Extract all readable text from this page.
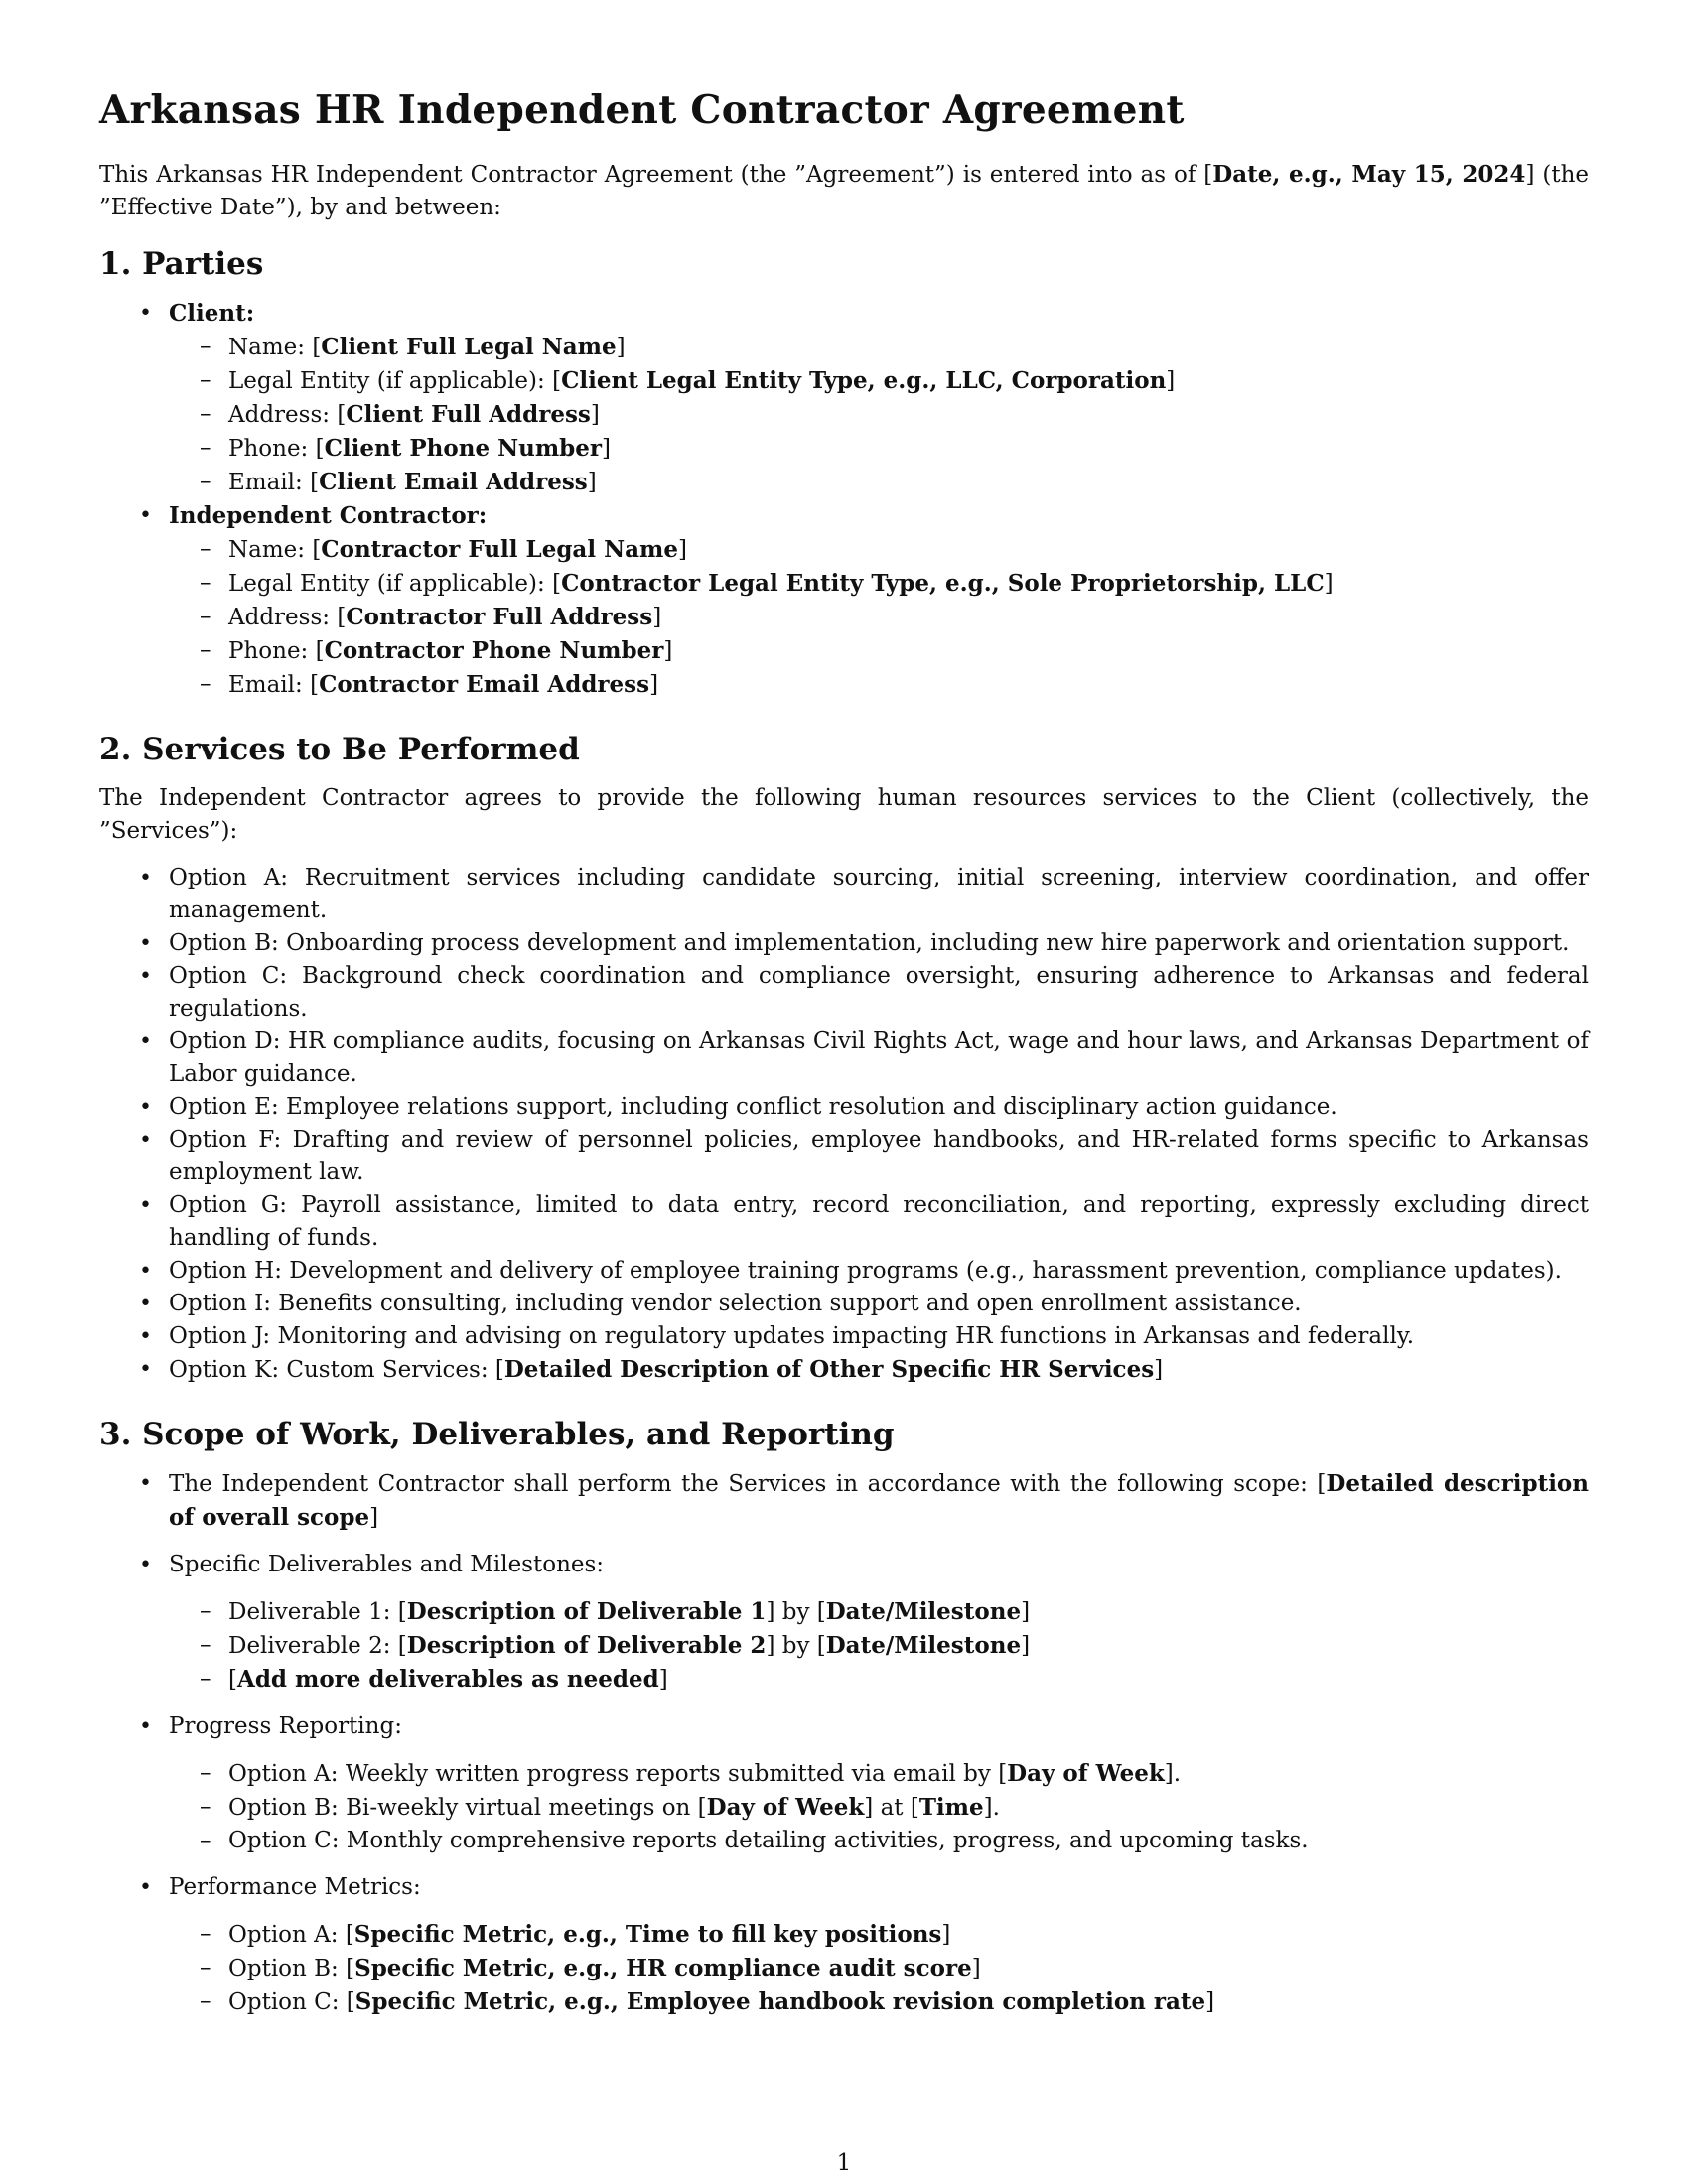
Arkansas HR Independent Contractor Agreement

This Arkansas HR Independent Contractor Agreement (the ”Agreement”) is entered into as of [Date, e.g., May 15, 2024] (the ”Effective Date”), by and between:

1. Parties
• Client:
– Name: [Client Full Legal Name]
– Legal Entity (if applicable): [Client Legal Entity Type, e.g., LLC, Corporation]
– Address: [Client Full Address]
– Phone: [Client Phone Number]
– Email: [Client Email Address]
• Independent Contractor:
– Name: [Contractor Full Legal Name]
– Legal Entity (if applicable): [Contractor Legal Entity Type, e.g., Sole Proprietorship, LLC]
– Address: [Contractor Full Address]
– Phone: [Contractor Phone Number]
– Email: [Contractor Email Address]
2. Services to Be Performed

The Independent Contractor agrees to provide the following human resources services to the Client (collectively, the ”Services”):

• Option A: Recruitment services including candidate sourcing, initial screening, interview coordination, and offer management.
• Option B: Onboarding process development and implementation, including new hire paperwork and orientation support.
• Option C: Background check coordination and compliance oversight, ensuring adherence to Arkansas and federal regulations.
• Option D: HR compliance audits, focusing on Arkansas Civil Rights Act, wage and hour laws, and Arkansas Department of Labor guidance.
• Option E: Employee relations support, including conflict resolution and disciplinary action guidance.
• Option F: Drafting and review of personnel policies, employee handbooks, and HR-related forms specific to Arkansas employment law.
• Option G: Payroll assistance, limited to data entry, record reconciliation, and reporting, expressly excluding direct handling of funds.
• Option H: Development and delivery of employee training programs (e.g., harassment prevention, compliance updates).
• Option I: Benefits consulting, including vendor selection support and open enrollment assistance.
• Option J: Monitoring and advising on regulatory updates impacting HR functions in Arkansas and federally.
• Option K: Custom Services: [Detailed Description of Other Specific HR Services]
3. Scope of Work, Deliverables, and Reporting
• The Independent Contractor shall perform the Services in accordance with the following scope: [Detailed description of overall scope]
• Specific Deliverables and Milestones:
– Deliverable 1: [Description of Deliverable 1] by [Date/Milestone]
– Deliverable 2: [Description of Deliverable 2] by [Date/Milestone]
– [Add more deliverables as needed]
• Progress Reporting:
– Option A: Weekly written progress reports submitted via email by [Day of Week].
– Option B: Bi-weekly virtual meetings on [Day of Week] at [Time].
– Option C: Monthly comprehensive reports detailing activities, progress, and upcoming tasks.
• Performance Metrics:
– Option A: [Specific Metric, e.g., Time to fill key positions]
– Option B: [Specific Metric, e.g., HR compliance audit score]
– Option C: [Specific Metric, e.g., Employee handbook revision completion rate]
1
